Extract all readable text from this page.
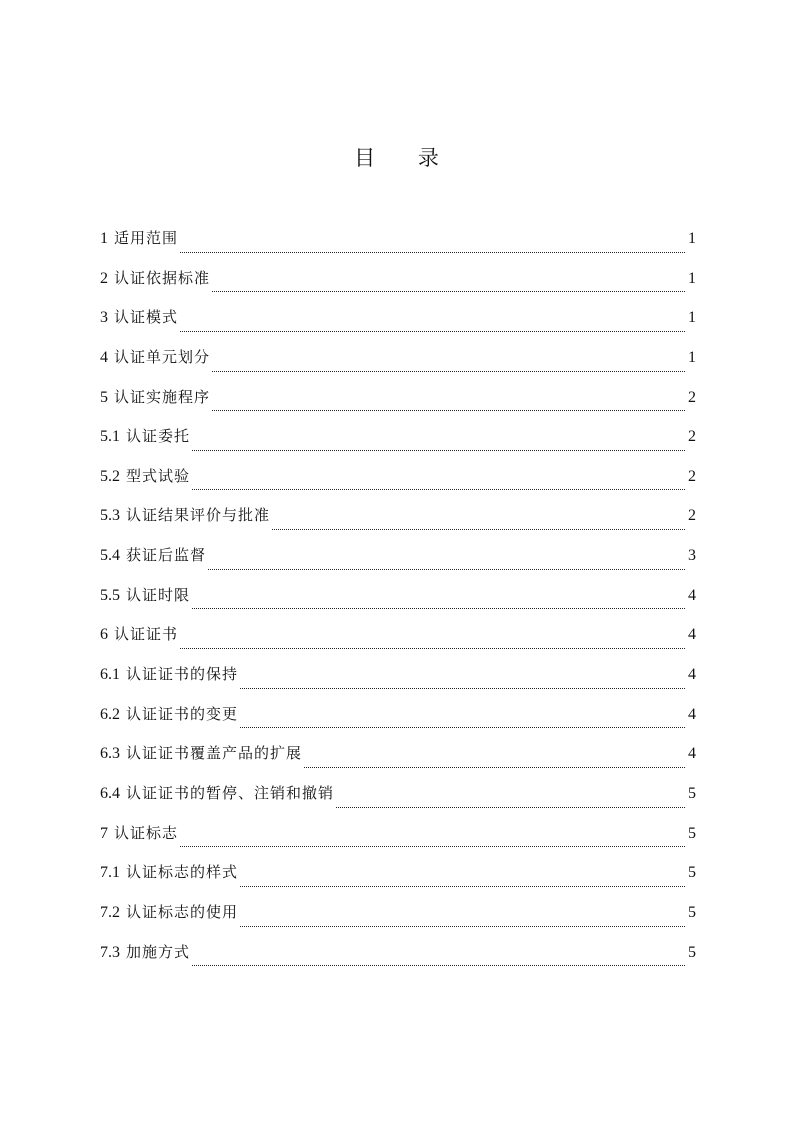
目 录
1 适用范围	1
2 认证依据标准	1
3 认证模式	1
4 认证单元划分	1
5 认证实施程序	2
5.1 认证委托	2
5.2 型式试验	2
5.3 认证结果评价与批准	2
5.4 获证后监督	3
5.5 认证时限	4
6 认证证书	4
6.1 认证证书的保持	4
6.2 认证证书的变更	4
6.3 认证证书覆盖产品的扩展	4
6.4 认证证书的暂停、注销和撤销	5
7 认证标志	5
7.1 认证标志的样式	5
7.2 认证标志的使用	5
7.3 加施方式	5
